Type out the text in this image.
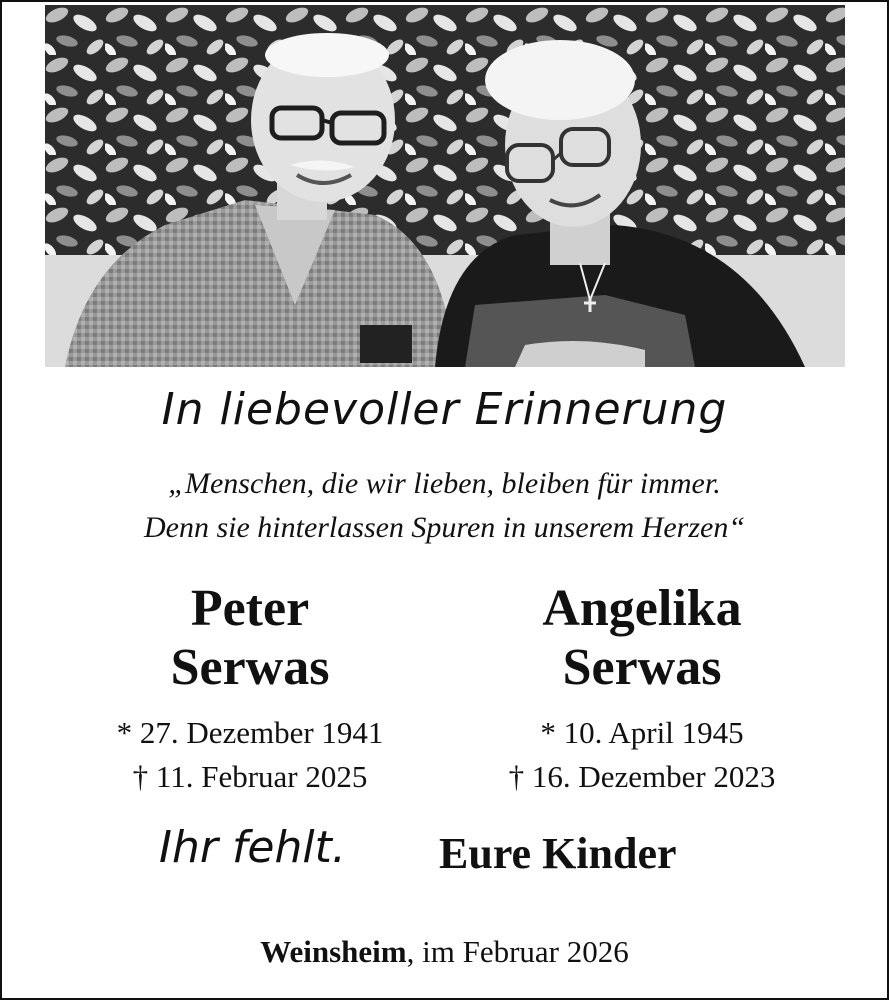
In liebevoller Erinnerung
„Menschen, die wir lieben, bleiben für immer.
Denn sie hinterlassen Spuren in unserem Herzen“
Peter
Serwas
* 27. Dezember 1941
† 11. Februar 2025
Angelika
Serwas
* 10. April 1945
† 16. Dezember 2023
Ihr fehlt. Eure Kinder
Weinsheim, im Februar 2026
